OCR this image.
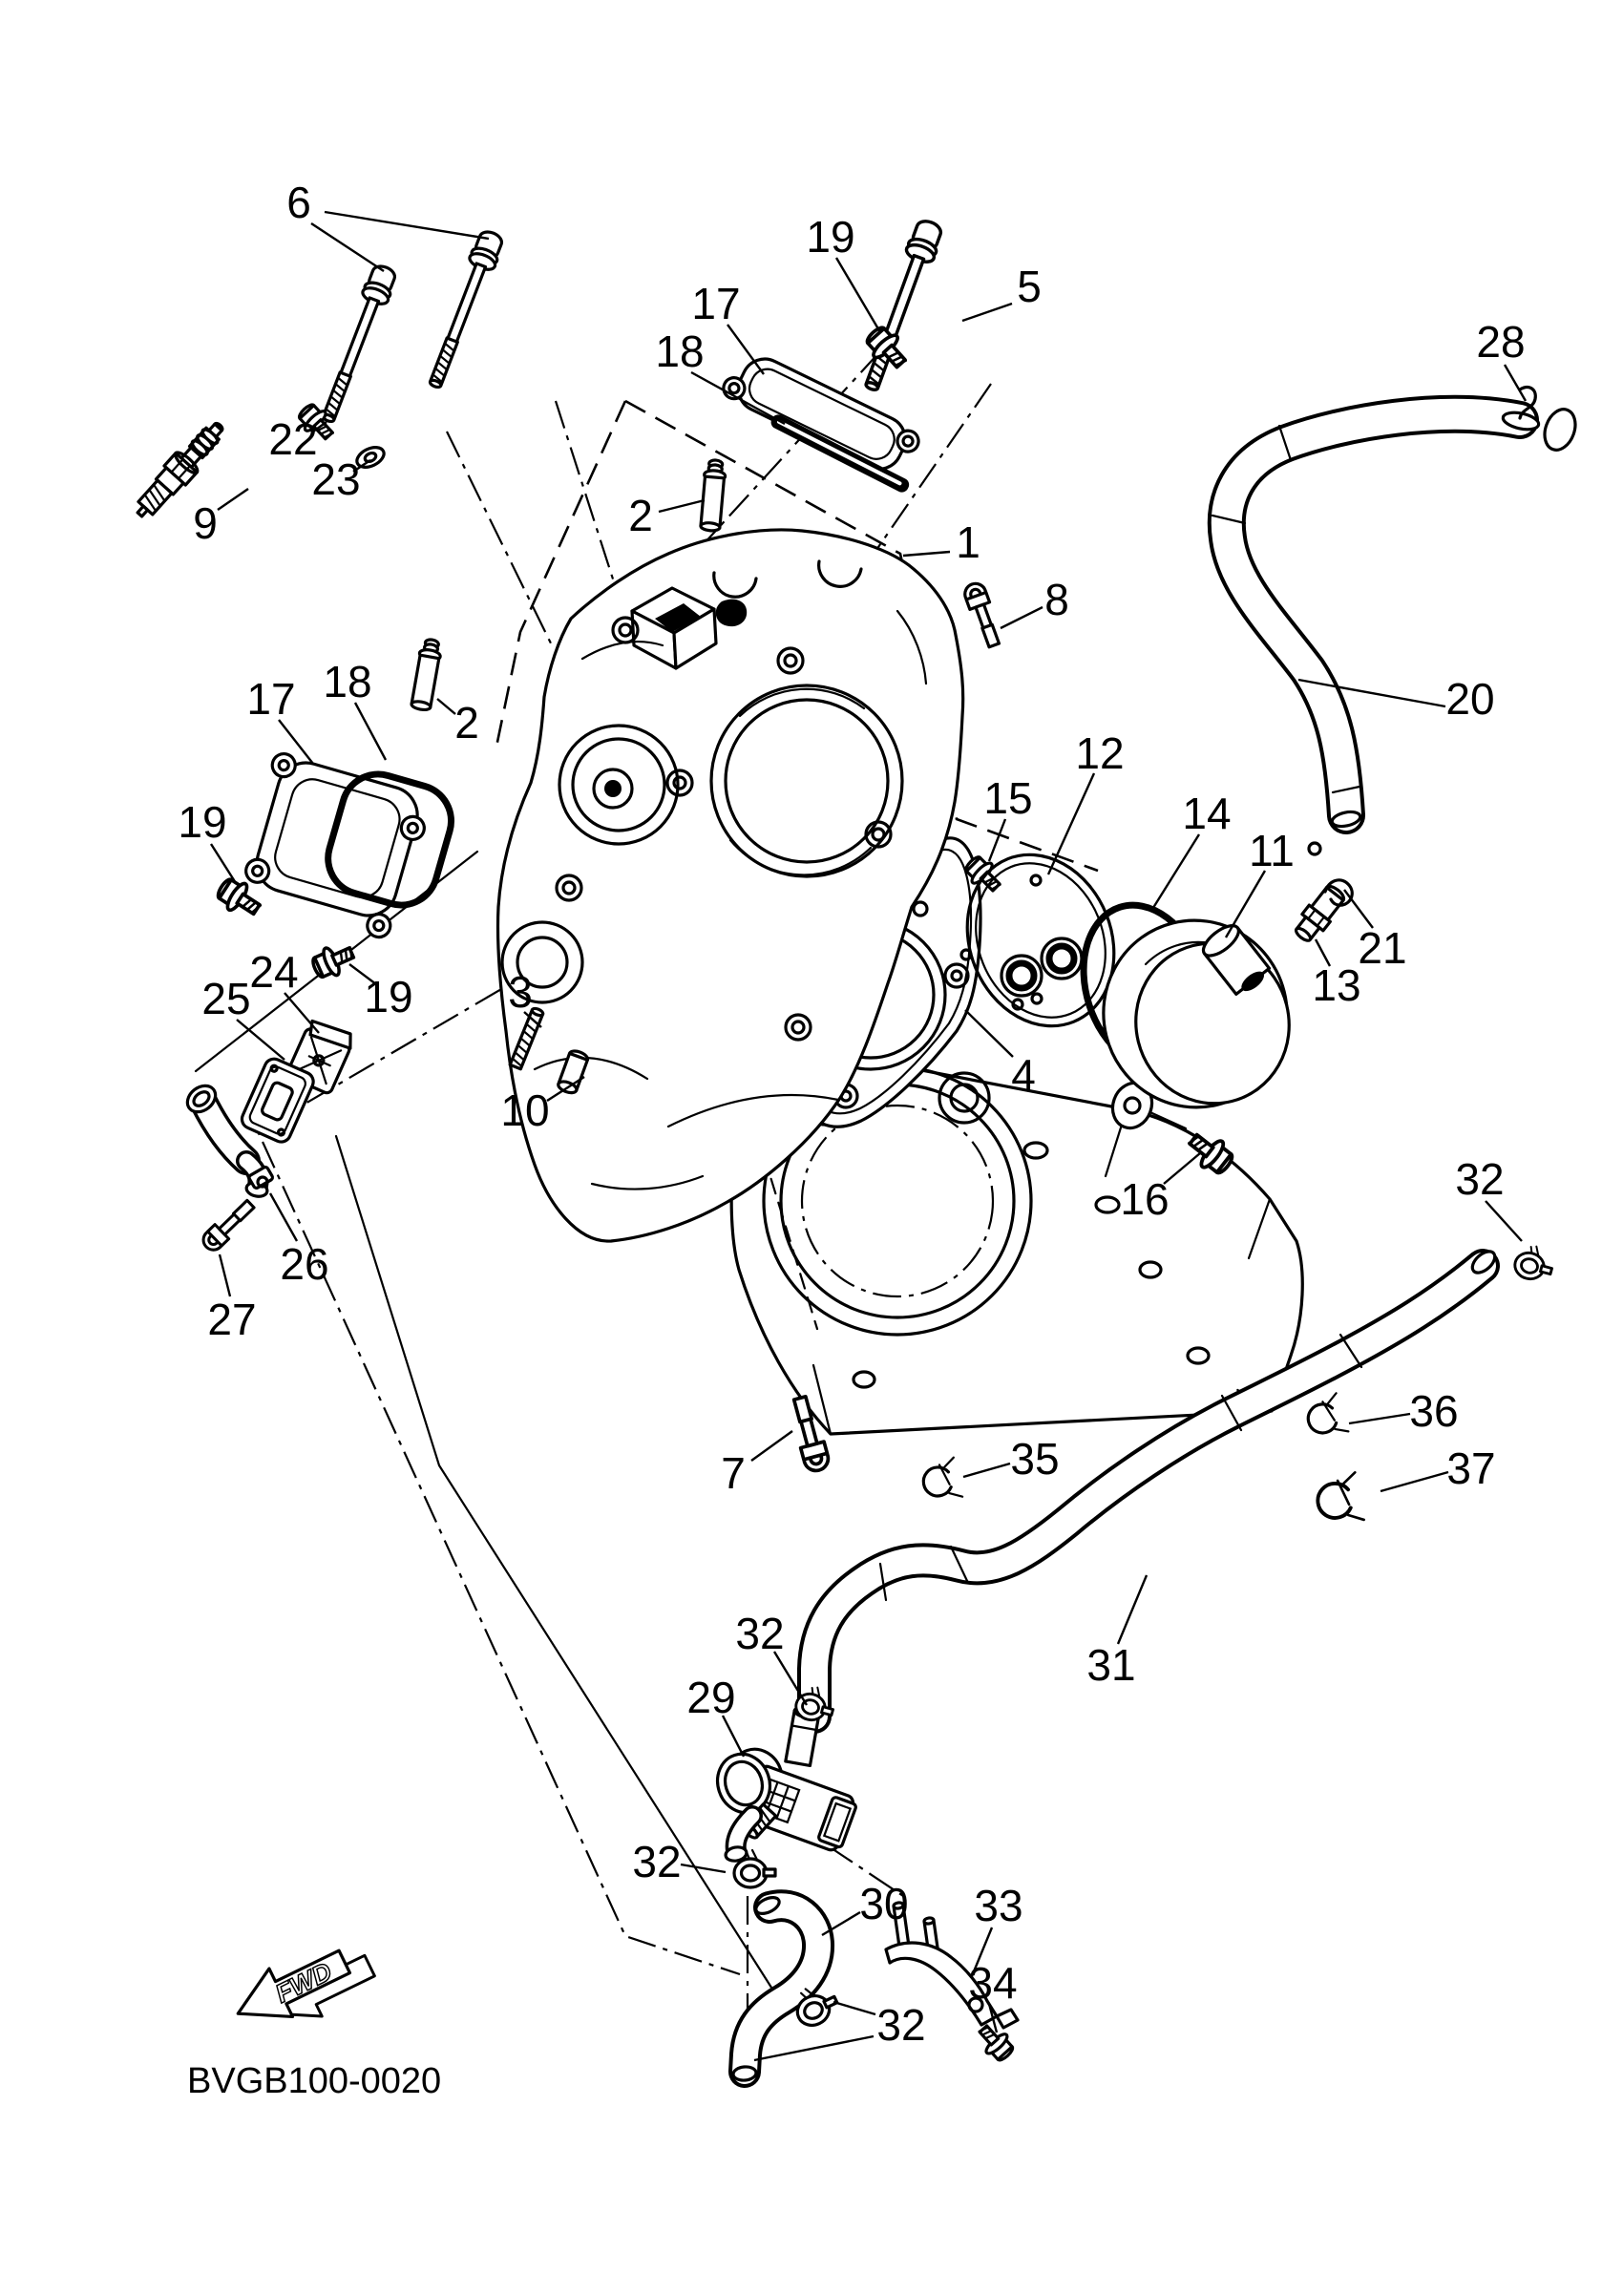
FWD
BVGB100-0020
6
19
17
18
5
28
22
23
9	2
2
1
8
20
17 18
19	15
12
14
11
21
13
24
25	19 3
10
4
16
26
27
32
7	35
36
37
31
32
29
32
30 33
34
32
